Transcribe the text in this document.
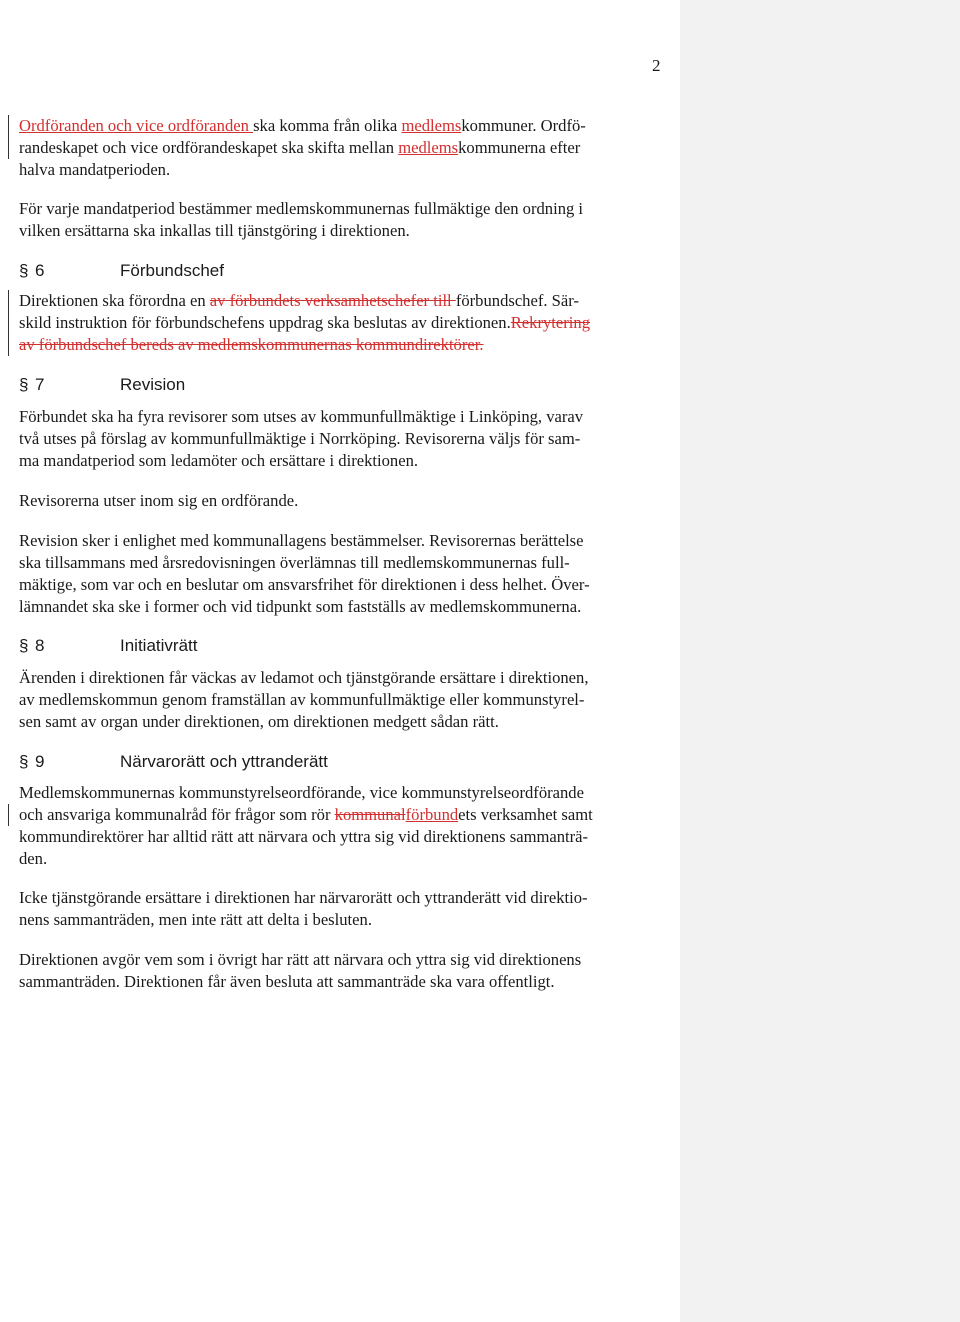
2

Ordföranden och vice ordföranden ska komma från olika medlemskommuner. Ordfö-
randeskapet och vice ordförandeskapet ska skifta mellan medlemskommunerna efter
halva mandatperioden.

För varje mandatperiod bestämmer medlemskommunernas fullmäktige den ordning i
vilken ersättarna ska inkallas till tjänstgöring i direktionen.

§ 6	Förbundschef

Direktionen ska förordna en av förbundets verksamhetschefer till förbundschef. Sär-
skild instruktion för förbundschefens uppdrag ska beslutas av direktionen.Rekrytering
av förbundschef bereds av medlemskommunernas kommundirektörer.

§ 7	Revision

Förbundet ska ha fyra revisorer som utses av kommunfullmäktige i Linköping, varav
två utses på förslag av kommunfullmäktige i Norrköping. Revisorerna väljs för sam-
ma mandatperiod som ledamöter och ersättare i direktionen.

Revisorerna utser inom sig en ordförande.

Revision sker i enlighet med kommunallagens bestämmelser. Revisorernas berättelse
ska tillsammans med årsredovisningen överlämnas till medlemskommunernas full-
mäktige, som var och en beslutar om ansvarsfrihet för direktionen i dess helhet. Över-
lämnandet ska ske i former och vid tidpunkt som fastställs av medlemskommunerna.

§ 8	Initiativrätt

Ärenden i direktionen får väckas av ledamot och tjänstgörande ersättare i direktionen,
av medlemskommun genom framställan av kommunfullmäktige eller kommunstyrel-
sen samt av organ under direktionen, om direktionen medgett sådan rätt.

§ 9	Närvarorätt och yttranderätt

Medlemskommunernas kommunstyrelseordförande, vice kommunstyrelseordförande
och ansvariga kommunalråd för frågor som rör kommunalförbundets verksamhet samt
kommundirektörer har alltid rätt att närvara och yttra sig vid direktionens sammanträ-
den.

Icke tjänstgörande ersättare i direktionen har närvarorätt och yttranderätt vid direktio-
nens sammanträden, men inte rätt att delta i besluten.

Direktionen avgör vem som i övrigt har rätt att närvara och yttra sig vid direktionens
sammanträden. Direktionen får även besluta att sammanträde ska vara offentligt.
